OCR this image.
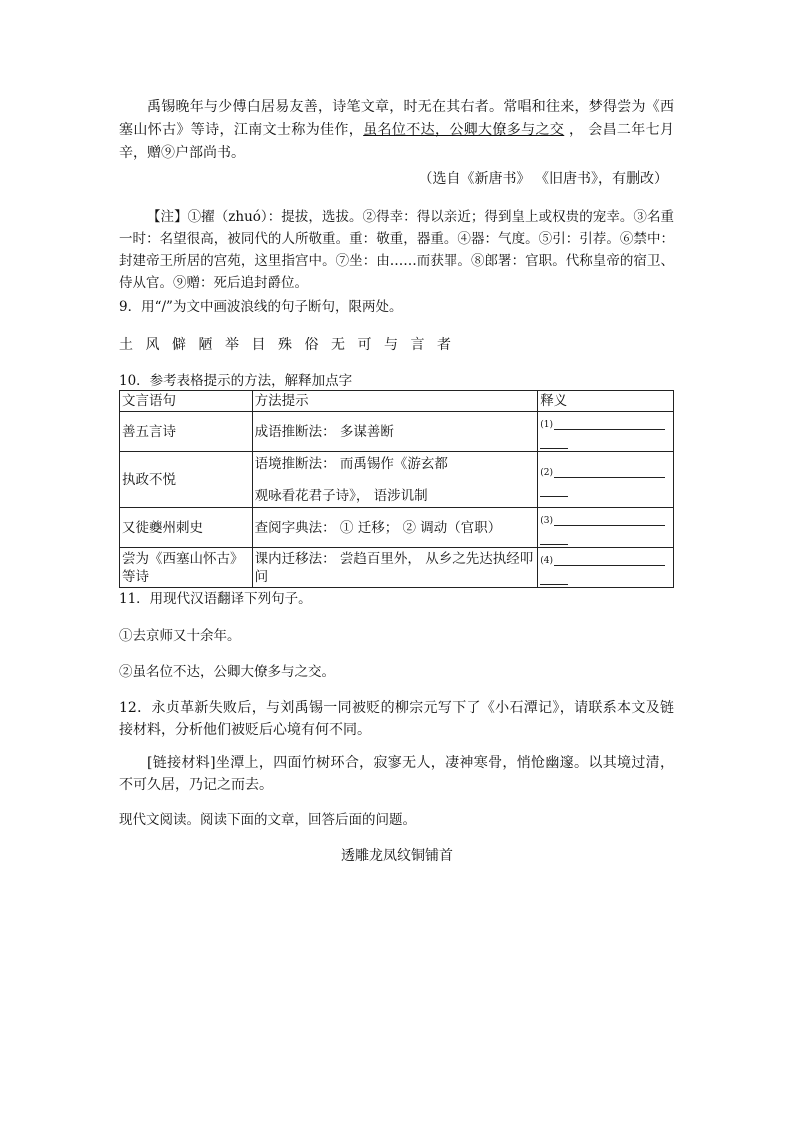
禹锡晚年与少傅白居易友善，诗笔文章，时无在其右者。常唱和往来，梦得尝为《西塞山怀古》等诗，江南文士称为佳作，虽名位不达，公卿大僚多与之交 ， 会昌二年七月辛，赠⑨户部尚书。

（选自《新唐书》 《旧唐书》，有删改）

【注】①擢（zhuó）：提拔，选拔。②得幸：得以亲近；得到皇上或权贵的宠幸。③名重一时：名望很高，被同代的人所敬重。重：敬重，器重。④器：气度。⑤引：引荐。⑥禁中：封建帝王所居的宫苑，这里指宫中。⑦坐：由……而获罪。⑧郎署：官职。代称皇帝的宿卫、侍从官。⑨赠：死后追封爵位。

9．用“/”为文中画波浪线的句子断句，限两处。

土风僻陋举目殊俗无可与言者

10．参考表格提示的方法，解释加点字

文言语句	方法提示	释义
善五言诗	成语推断法： 多谋善断	(1)

执政不悦	语境推断法： 而禹锡作《游玄都
观咏看花君子诗》， 语涉讥制	(2)

又徙夔州刺史	查阅字典法： ① 迁移； ② 调动（官职）	(3)

尝为《西塞山怀古》等诗	课内迁移法： 尝趋百里外， 从乡之先达执经叩问	(4)

11．用现代汉语翻译下列句子。

①去京师又十余年。

②虽名位不达，公卿大僚多与之交。

12．永贞革新失败后，与刘禹锡一同被贬的柳宗元写下了《小石潭记》，请联系本文及链接材料，分析他们被贬后心境有何不同。

[链接材料]坐潭上，四面竹树环合，寂寥无人，凄神寒骨，悄怆幽邃。以其境过清，不可久居，乃记之而去。

现代文阅读。阅读下面的文章，回答后面的问题。

透雕龙凤纹铜铺首
